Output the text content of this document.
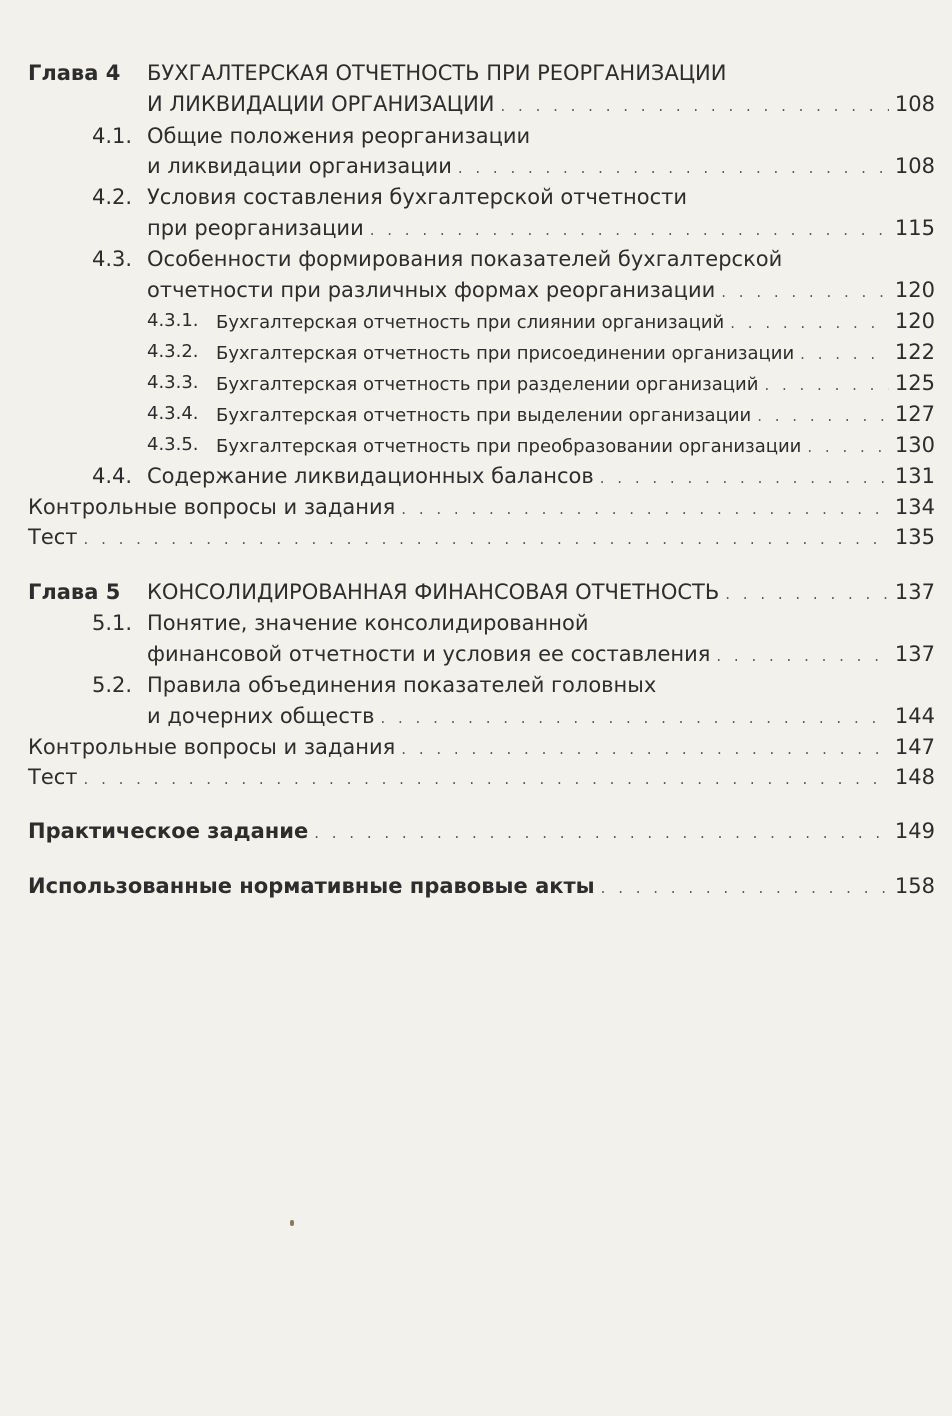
Глава 4 БУХГАЛТЕРСКАЯ ОТЧЕТНОСТЬ ПРИ РЕОРГАНИЗАЦИИ
И ЛИКВИДАЦИИ ОРГАНИЗАЦИИ . . .	108
4.1. Общие положения реорганизации
и ликвидации организации . . .	108
4.2. Условия составления бухгалтерской отчетности
при реорганизации . . .	115
4.3. Особенности формирования показателей бухгалтерской
отчетности при различных формах реорганизации . . .	120
4.3.1. Бухгалтерская отчетность при слиянии организаций . . .	120
4.3.2. Бухгалтерская отчетность при присоединении организации . . .	122
4.3.3. Бухгалтерская отчетность при разделении организаций . . .	125
4.3.4. Бухгалтерская отчетность при выделении организации . . .	127
4.3.5. Бухгалтерская отчетность при преобразовании организации . . .	130
4.4. Содержание ликвидационных балансов . . .	131
Контрольные вопросы и задания . . .	134
Тест . . .	135
Глава 5 КОНСОЛИДИРОВАННАЯ ФИНАНСОВАЯ ОТЧЕТНОСТЬ . . .	137
5.1. Понятие, значение консолидированной
финансовой отчетности и условия ее составления . . .	137
5.2. Правила объединения показателей головных
и дочерних обществ . . .	144
Контрольные вопросы и задания . . .	147
Тест . . .	148
Практическое задание . . .	149
Использованные нормативные правовые акты . . .	158
